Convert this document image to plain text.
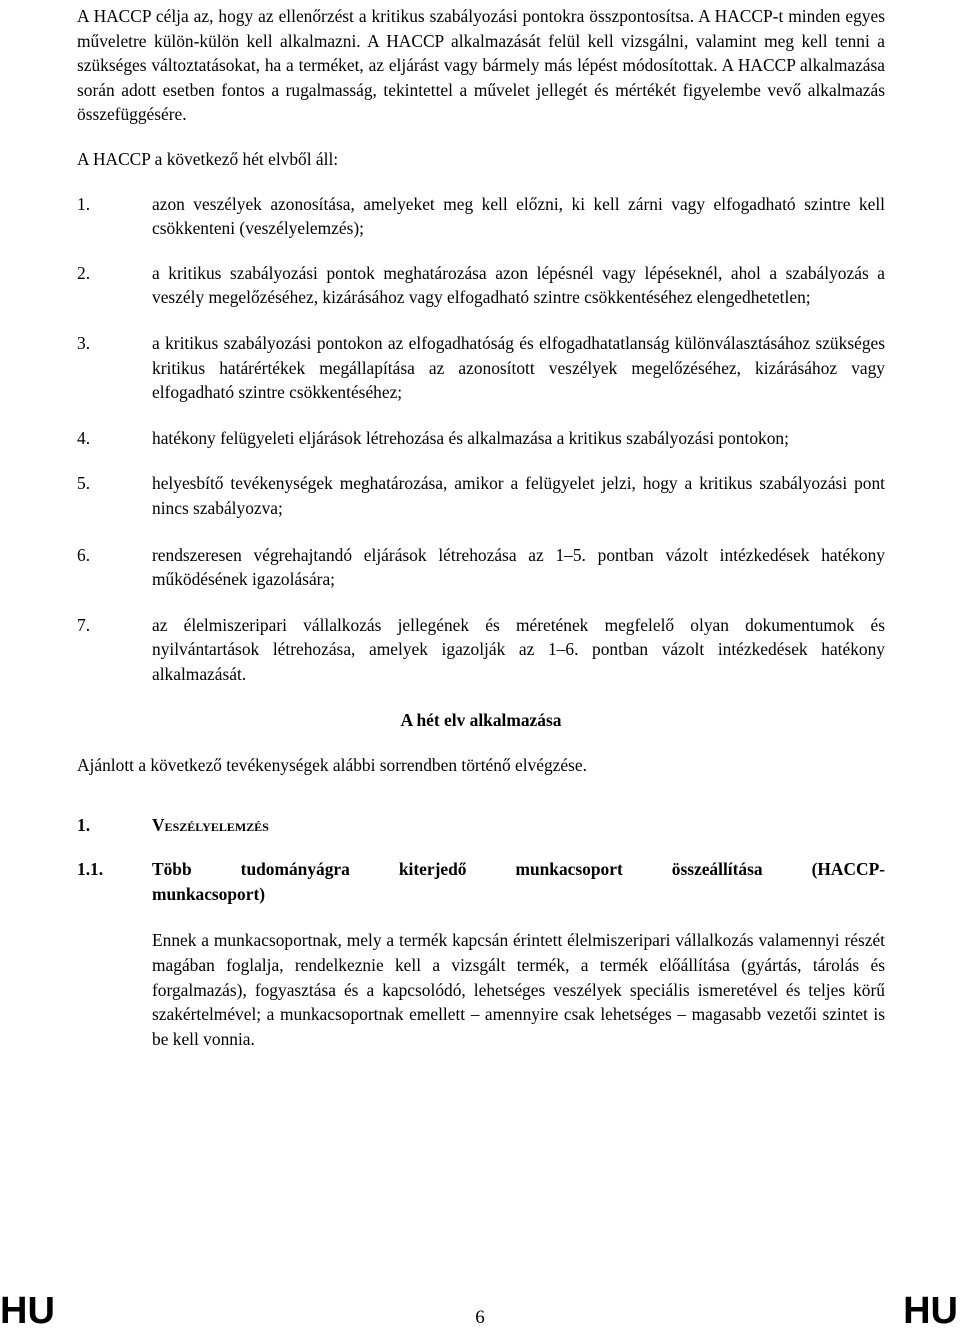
A HACCP célja az, hogy az ellenőrzést a kritikus szabályozási pontokra összpontosítsa. A HACCP-t minden egyes műveletre külön-külön kell alkalmazni. A HACCP alkalmazását felül kell vizsgálni, valamint meg kell tenni a szükséges változtatásokat, ha a terméket, az eljárást vagy bármely más lépést módosítottak. A HACCP alkalmazása során adott esetben fontos a rugalmasság, tekintettel a művelet jellegét és mértékét figyelembe vevő alkalmazás összefüggésére.

A HACCP a következő hét elvből áll:

1.	azon veszélyek azonosítása, amelyeket meg kell előzni, ki kell zárni vagy elfogadható szintre kell csökkenteni (veszélyelemzés);
2.	a kritikus szabályozási pontok meghatározása azon lépésnél vagy lépéseknél, ahol a szabályozás a veszély megelőzéséhez, kizárásához vagy elfogadható szintre csökkentéséhez elengedhetetlen;
3.	a kritikus szabályozási pontokon az elfogadhatóság és elfogadhatatlanság különválasztásához szükséges kritikus határértékek megállapítása az azonosított veszélyek megelőzéséhez, kizárásához vagy elfogadható szintre csökkentéséhez;
4.	hatékony felügyeleti eljárások létrehozása és alkalmazása a kritikus szabályozási pontokon;
5.	helyesbítő tevékenységek meghatározása, amikor a felügyelet jelzi, hogy a kritikus szabályozási pont nincs szabályozva;
6.	rendszeresen végrehajtandó eljárások létrehozása az 1–5. pontban vázolt intézkedések hatékony működésének igazolására;
7.	az élelmiszeripari vállalkozás jellegének és méretének megfelelő olyan dokumentumok és nyilvántartások létrehozása, amelyek igazolják az 1–6. pontban vázolt intézkedések hatékony alkalmazását.

A hét elv alkalmazása

Ajánlott a következő tevékenységek alábbi sorrendben történő elvégzése.

1.	Veszélyelemzés
1.1.	Több tudományágra kiterjedő munkacsoport összeállítása (HACCP-
munkacsoport)

Ennek a munkacsoportnak, mely a termék kapcsán érintett élelmiszeripari vállalkozás valamennyi részét magában foglalja, rendelkeznie kell a vizsgált termék, a termék előállítása (gyártás, tárolás és forgalmazás), fogyasztása és a kapcsolódó, lehetséges veszélyek speciális ismeretével és teljes körű szakértelmével; a munkacsoportnak emellett – amennyire csak lehetséges – magasabb vezetői szintet is be kell vonnia.

HU	6	HU
